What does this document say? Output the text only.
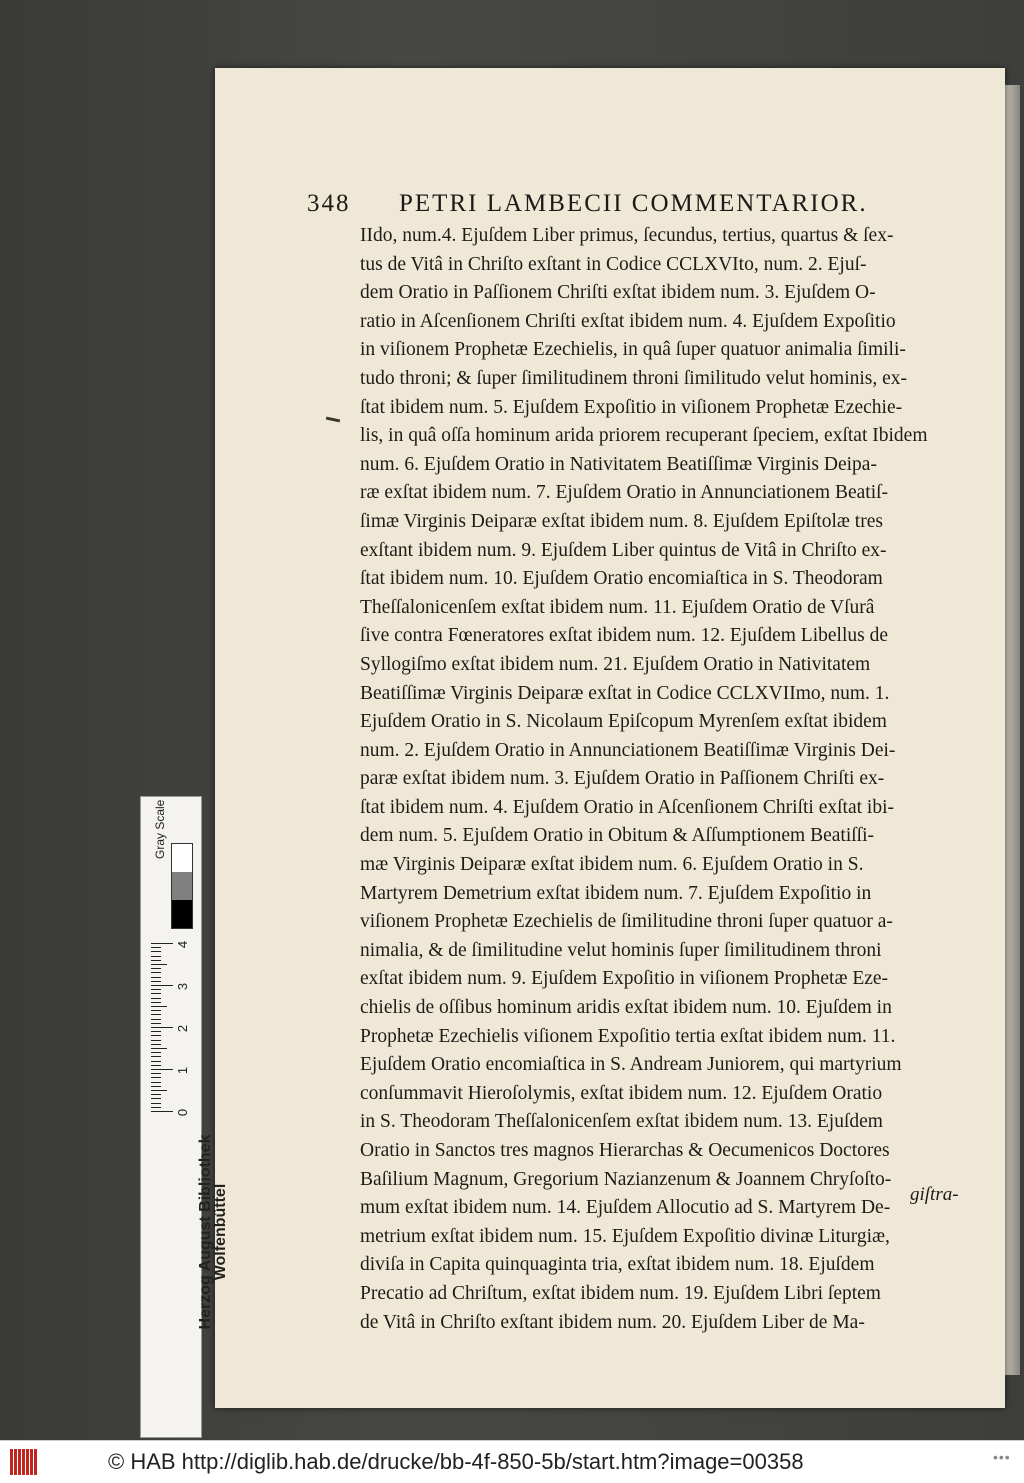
348 PETRI LAMBECII COMMENTARIOR.
IIdo, num.4. Ejuſdem Liber primus, ſecundus, tertius, quartus & ſex-
tus de Vitâ in Chriſto exſtant in Codice CCLXVIto, num. 2. Ejuſ-
dem Oratio in Paſſionem Chriſti exſtat ibidem num. 3. Ejuſdem O-
ratio in Aſcenſionem Chriſti exſtat ibidem num. 4. Ejuſdem Expoſitio
in viſionem Prophetæ Ezechielis, in quâ ſuper quatuor animalia ſimili-
tudo throni; & ſuper ſimilitudinem throni ſimilitudo velut hominis, ex-
ſtat ibidem num. 5. Ejuſdem Expoſitio in viſionem Prophetæ Ezechie-
lis, in quâ oſſa hominum arida priorem recuperant ſpeciem, exſtat Ibidem
num. 6. Ejuſdem Oratio in Nativitatem Beatiſſimæ Virginis Deipa-
ræ exſtat ibidem num. 7. Ejuſdem Oratio in Annunciationem Beatiſ-
ſimæ Virginis Deiparæ exſtat ibidem num. 8. Ejuſdem Epiſtolæ tres
exſtant ibidem num. 9. Ejuſdem Liber quintus de Vitâ in Chriſto ex-
ſtat ibidem num. 10. Ejuſdem Oratio encomiaſtica in S. Theodoram
Theſſalonicenſem exſtat ibidem num. 11. Ejuſdem Oratio de Vſurâ
ſive contra Fœneratores exſtat ibidem num. 12. Ejuſdem Libellus de
Syllogiſmo exſtat ibidem num. 21. Ejuſdem Oratio in Nativitatem
Beatiſſimæ Virginis Deiparæ exſtat in Codice CCLXVIImo, num. 1.
Ejuſdem Oratio in S. Nicolaum Epiſcopum Myrenſem exſtat ibidem
num. 2. Ejuſdem Oratio in Annunciationem Beatiſſimæ Virginis Dei-
paræ exſtat ibidem num. 3. Ejuſdem Oratio in Paſſionem Chriſti ex-
ſtat ibidem num. 4. Ejuſdem Oratio in Aſcenſionem Chriſti exſtat ibi-
dem num. 5. Ejuſdem Oratio in Obitum & Aſſumptionem Beatiſſi-
mæ Virginis Deiparæ exſtat ibidem num. 6. Ejuſdem Oratio in S.
Martyrem Demetrium exſtat ibidem num. 7. Ejuſdem Expoſitio in
viſionem Prophetæ Ezechielis de ſimilitudine throni ſuper quatuor a-
nimalia, & de ſimilitudine velut hominis ſuper ſimilitudinem throni
exſtat ibidem num. 9. Ejuſdem Expoſitio in viſionem Prophetæ Eze-
chielis de oſſibus hominum aridis exſtat ibidem num. 10. Ejuſdem in
Prophetæ Ezechielis viſionem Expoſitio tertia exſtat ibidem num. 11.
Ejuſdem Oratio encomiaſtica in S. Andream Juniorem, qui martyrium
conſummavit Hieroſolymis, exſtat ibidem num. 12. Ejuſdem Oratio
in S. Theodoram Theſſalonicenſem exſtat ibidem num. 13. Ejuſdem
Oratio in Sanctos tres magnos Hierarchas & Oecumenicos Doctores
Baſilium Magnum, Gregorium Nazianzenum & Joannem Chryſoſto-
mum exſtat ibidem num. 14. Ejuſdem Allocutio ad S. Martyrem De-
metrium exſtat ibidem num. 15. Ejuſdem Expoſitio divinæ Liturgiæ,
diviſa in Capita quinquaginta tria, exſtat ibidem num. 18. Ejuſdem
Precatio ad Chriſtum, exſtat ibidem num. 19. Ejuſdem Libri ſeptem
de Vitâ in Chriſto exſtant ibidem num. 20. Ejuſdem Liber de Ma-
giſtra-
Gray Scale
4
3
2
1
0
Herzog August Bibliothek
Wolfenbüttel
© HAB http://diglib.hab.de/drucke/bb-4f-850-5b/start.htm?image=00358	•••
